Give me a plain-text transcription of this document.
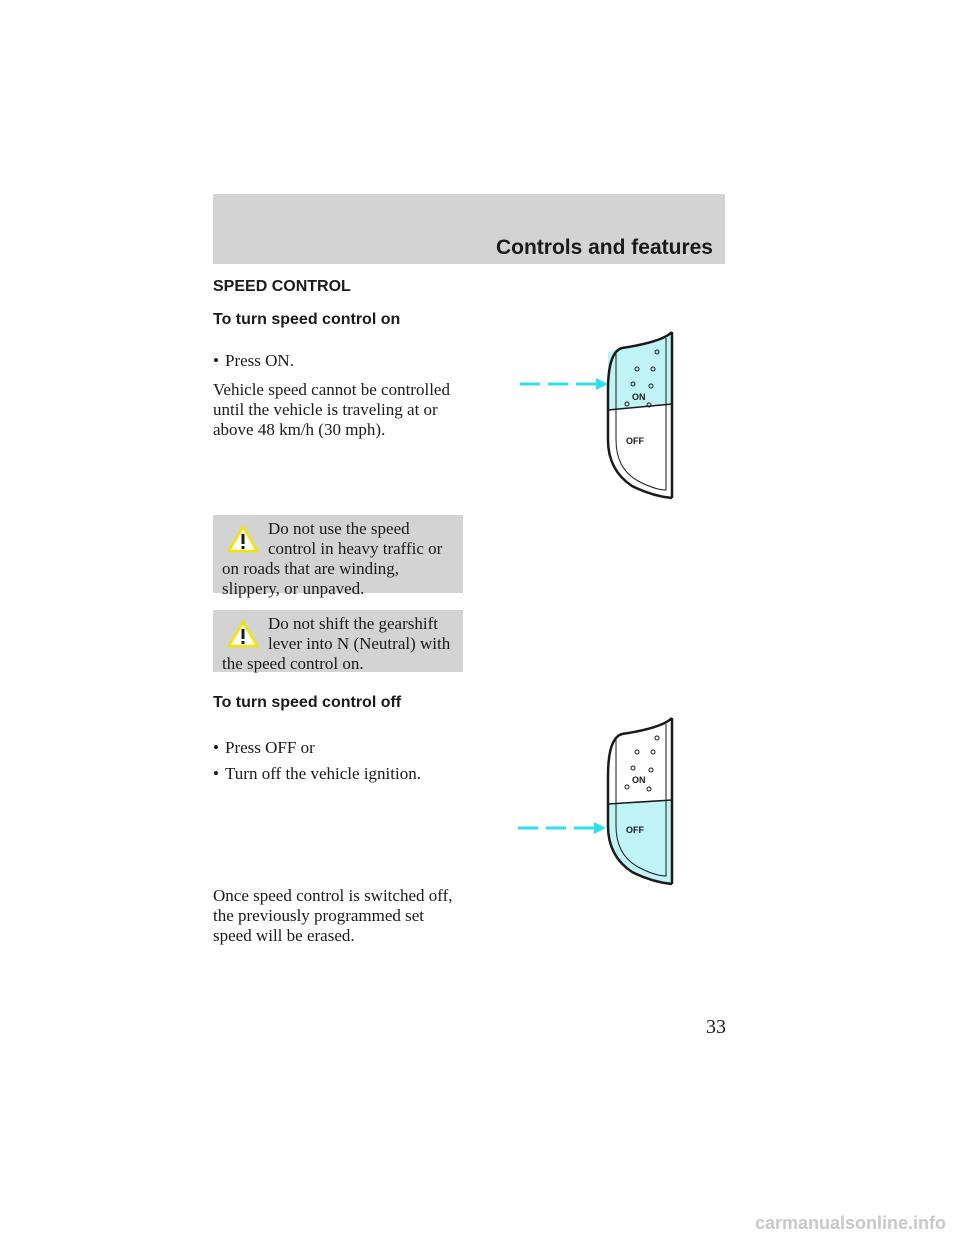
Controls and features
SPEED CONTROL
To turn speed control on
• Press ON.
Vehicle speed cannot be controlled
until the vehicle is traveling at or
above 48 km/h (30 mph).
Do not use the speed
control in heavy traffic or
on roads that are winding,
slippery, or unpaved.
Do not shift the gearshift
lever into N (Neutral) with
the speed control on.
To turn speed control off
• Press OFF or
• Turn off the vehicle ignition.
Once speed control is switched off,
the previously programmed set
speed will be erased.
ON
OFF
ON
OFF
33
carmanualsonline.info
